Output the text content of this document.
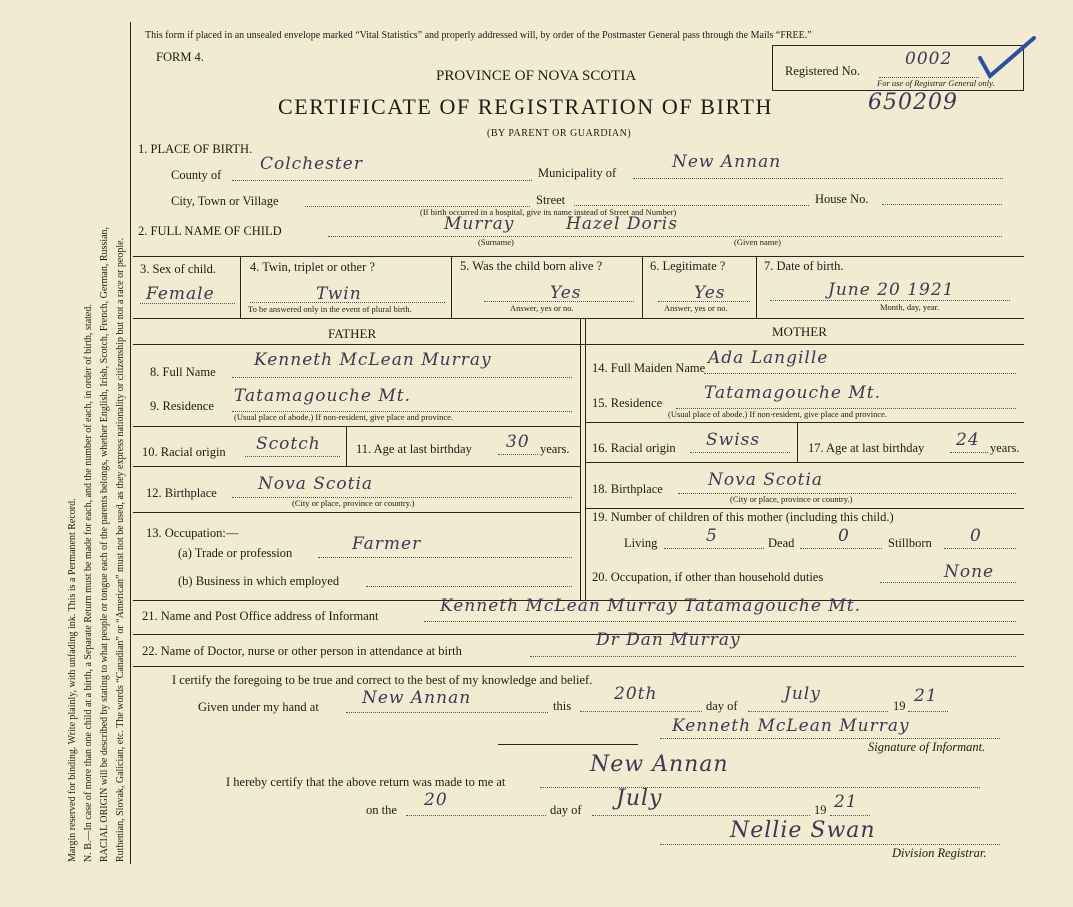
Margin reserved for binding. Write plainly, with unfading ink. This is a Permanent Record. N. B.—In case of more than one child at a birth, a Separate Return must be made for each, and the number of each, in order of birth, stated. RACIAL ORIGIN will be described by stating to what people or tongue each of the parents belongs, whether English, Irish, Scotch, French, German, Russian, Ruthenian, Slovak, Galician, etc. The words “Canadian” or “American” must not be used, as they express nationality or citizenship but not a race or people.
This form if placed in an unsealed envelope marked “Vital Statistics” and properly addressed will, by order of the Postmaster General pass through the Mails “FREE.”
FORM 4.
PROVINCE OF NOVA SCOTIA
CERTIFICATE OF REGISTRATION OF BIRTH	650209
(BY PARENT OR GUARDIAN)
Registered No.
0002
For use of Registrar General only.
1. PLACE OF BIRTH.
County of
Colchester	Municipality of
New Annan
City, Town or Village	Street	House No.
(If birth occurred in a hospital, give its name instead of Street and Number)
2. FULL NAME OF CHILD	Murray	Hazel Doris
(Surname)	(Given name)
3. Sex of child.
Female
4. Twin, triplet or other ?
Twin
To be answered only in the event of plural birth.
5. Was the child born alive ?
Yes
Answer, yes or no.
6. Legitimate ?
Yes
Answer, yes or no.
7. Date of birth.
June 20 1921
Month, day, year.
FATHER	MOTHER
8. Full Name
Kenneth McLean Murray
9. Residence Tatamagouche Mt.
(Usual place of abode.) If non-resident, give place and province.
10. Racial origin Scotch	11. Age at last birthday 30 years.
12. Birthplace Nova Scotia
(City or place, province or country.)
13. Occupation:—
(a) Trade or profession	Farmer
(b) Business in which employed
14. Full Maiden Name Ada Langille
15. Residence Tatamagouche Mt.
(Usual place of abode.) If non-resident, give place and province.
16. Racial origin Swiss	17. Age at last birthday 24 years.
18. Birthplace	Nova Scotia
(City or place, province or country.)
19. Number of children of this mother (including this child.)
Living	5	Dead	0	Stillborn 0
20. Occupation, if other than household duties	None
21. Name and Post Office address of Informant	Kenneth McLean Murray Tatamagouche Mt.
22. Name of Doctor, nurse or other person in attendance at birth
Dr Dan Murray
I certify the foregoing to be true and correct to the best of my knowledge and belief.
Given under my hand at	New Annan	this
20th
day of
July
19 21
Kenneth McLean Murray
Signature of Informant.
I hereby certify that the above return was made to me at
New Annan
on the 20	day of July	19 21
Nellie Swan
Division Registrar.
